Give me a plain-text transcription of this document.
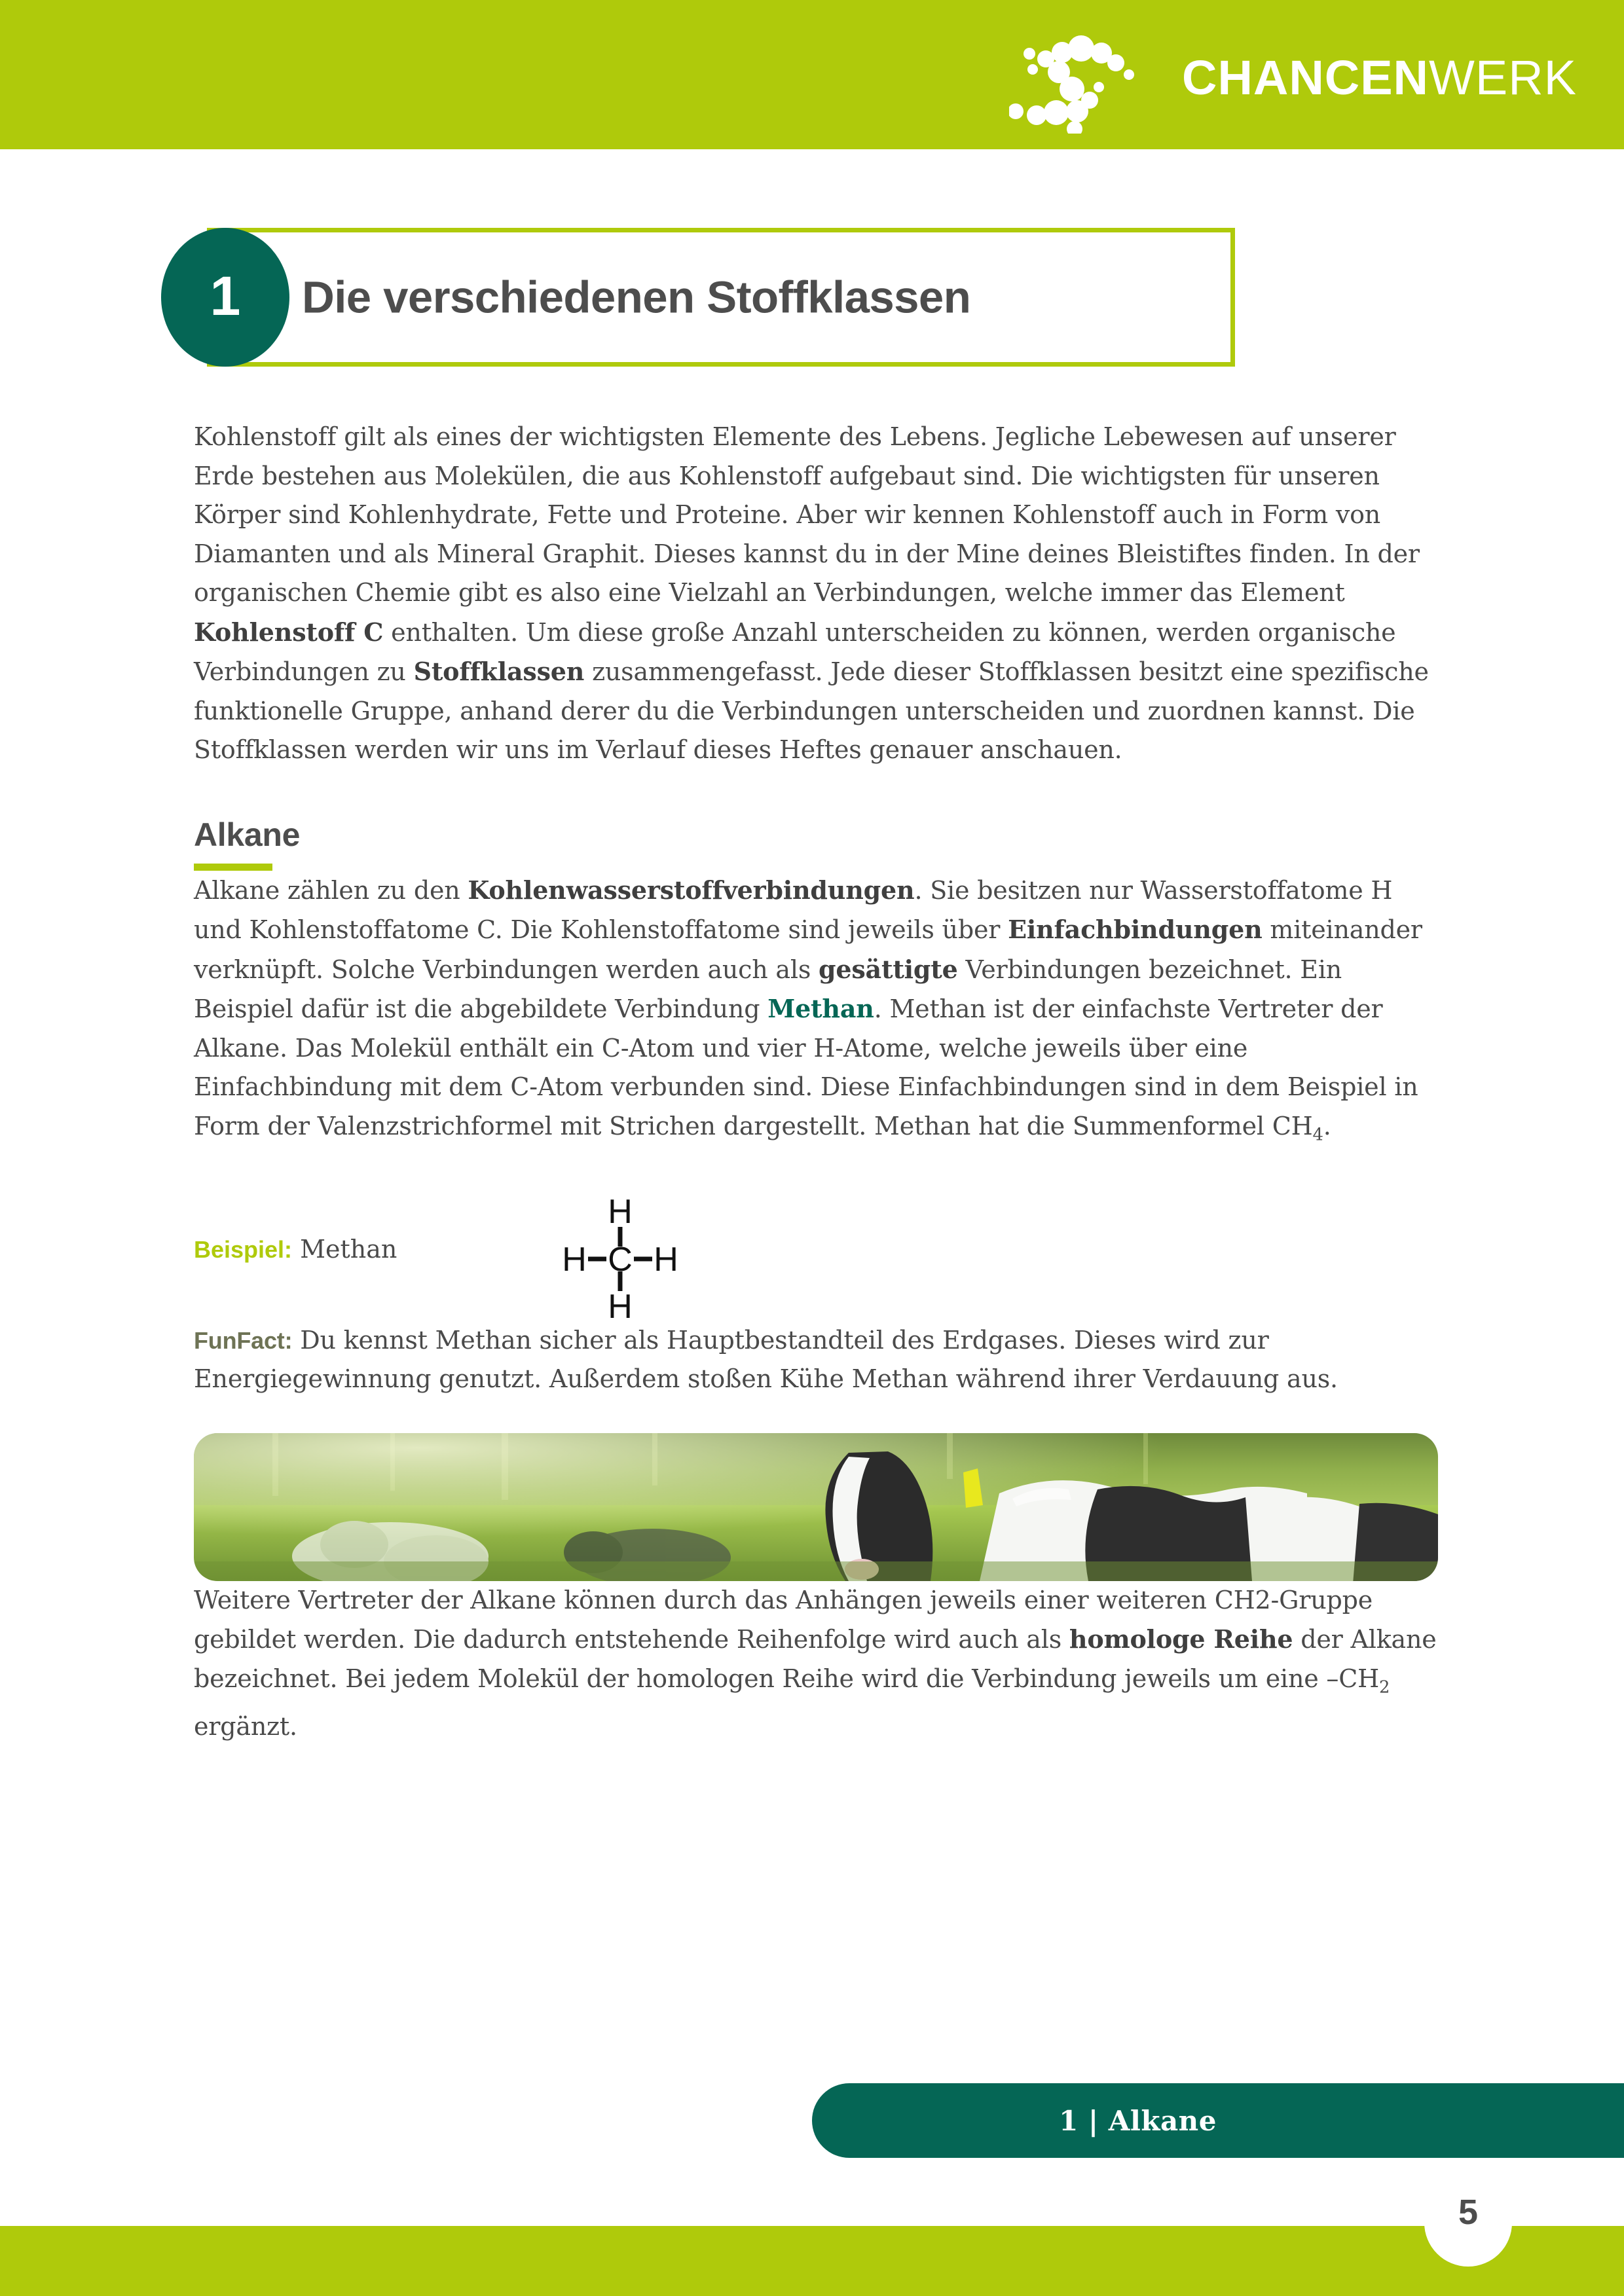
CHANCENWERK
1 Die verschiedenen Stoffklassen

Kohlenstoff gilt als eines der wichtigsten Elemente des Lebens. Jegliche Lebewesen auf unserer Erde bestehen aus Molekülen, die aus Kohlenstoff aufgebaut sind. Die wichtigsten für unseren Körper sind Kohlenhydrate, Fette und Proteine. Aber wir kennen Kohlenstoff auch in Form von Diamanten und als Mineral Graphit. Dieses kannst du in der Mine deines Bleistiftes finden. In der organischen Chemie gibt es also eine Vielzahl an Verbindungen, welche immer das Element Kohlenstoff C enthalten. Um diese große Anzahl unterscheiden zu können, werden organische Verbindungen zu Stoffklassen zusammengefasst. Jede dieser Stoffklassen besitzt eine spezifische funktionelle Gruppe, anhand derer du die Verbindungen unterscheiden und zuordnen kannst. Die Stoffklassen werden wir uns im Verlauf dieses Heftes genauer anschauen.

Alkane

Alkane zählen zu den Kohlenwasserstoffverbindungen. Sie besitzen nur Wasserstoffatome H und Kohlenstoffatome C. Die Kohlenstoffatome sind jeweils über Einfachbindungen miteinander verknüpft. Solche Verbindungen werden auch als gesättigte Verbindungen bezeichnet. Ein Beispiel dafür ist die abgebildete Verbindung Methan. Methan ist der einfachste Vertreter der Alkane. Das Molekül enthält ein C-Atom und vier H-Atome, welche jeweils über eine Einfachbindung mit dem C-Atom verbunden sind. Diese Einfachbindungen sind in dem Beispiel in Form der Valenzstrichformel mit Strichen dargestellt. Methan hat die Summenformel $CH_4$.

Beispiel: Methan
H
C
H H
H

FunFact: Du kennst Methan sicher als Hauptbestandteil des Erdgases. Dieses wird zur Energiegewinnung genutzt. Außerdem stoßen Kühe Methan während ihrer Verdauung aus.

Weitere Vertreter der Alkane können durch das Anhängen jeweils einer weiteren CH2-Gruppe gebildet werden. Die dadurch entstehende Reihenfolge wird auch als homologe Reihe der Alkane bezeichnet. Bei jedem Molekül der homologen Reihe wird die Verbindung jeweils um eine $-CH_2$ ergänzt.

1 | Alkane
5
